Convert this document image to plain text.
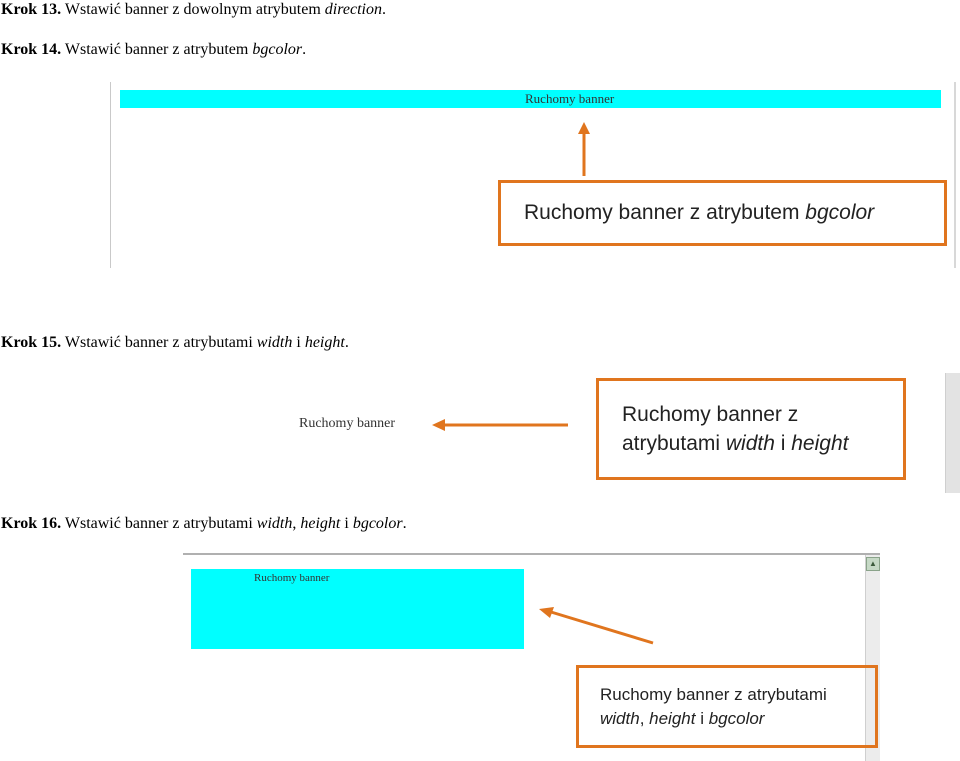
Krok 13. Wstawić banner z dowolnym atrybutem direction.
Krok 14. Wstawić banner z atrybutem bgcolor.
Ruchomy banner
Ruchomy banner z atrybutem bgcolor
Krok 15. Wstawić banner z atrybutami width i height.
Ruchomy banner	Ruchomy banner z
atrybutami width i height
Krok 16. Wstawić banner z atrybutami width, height i bgcolor.
▲
Ruchomy banner
Ruchomy banner z atrybutami
width, height i bgcolor
